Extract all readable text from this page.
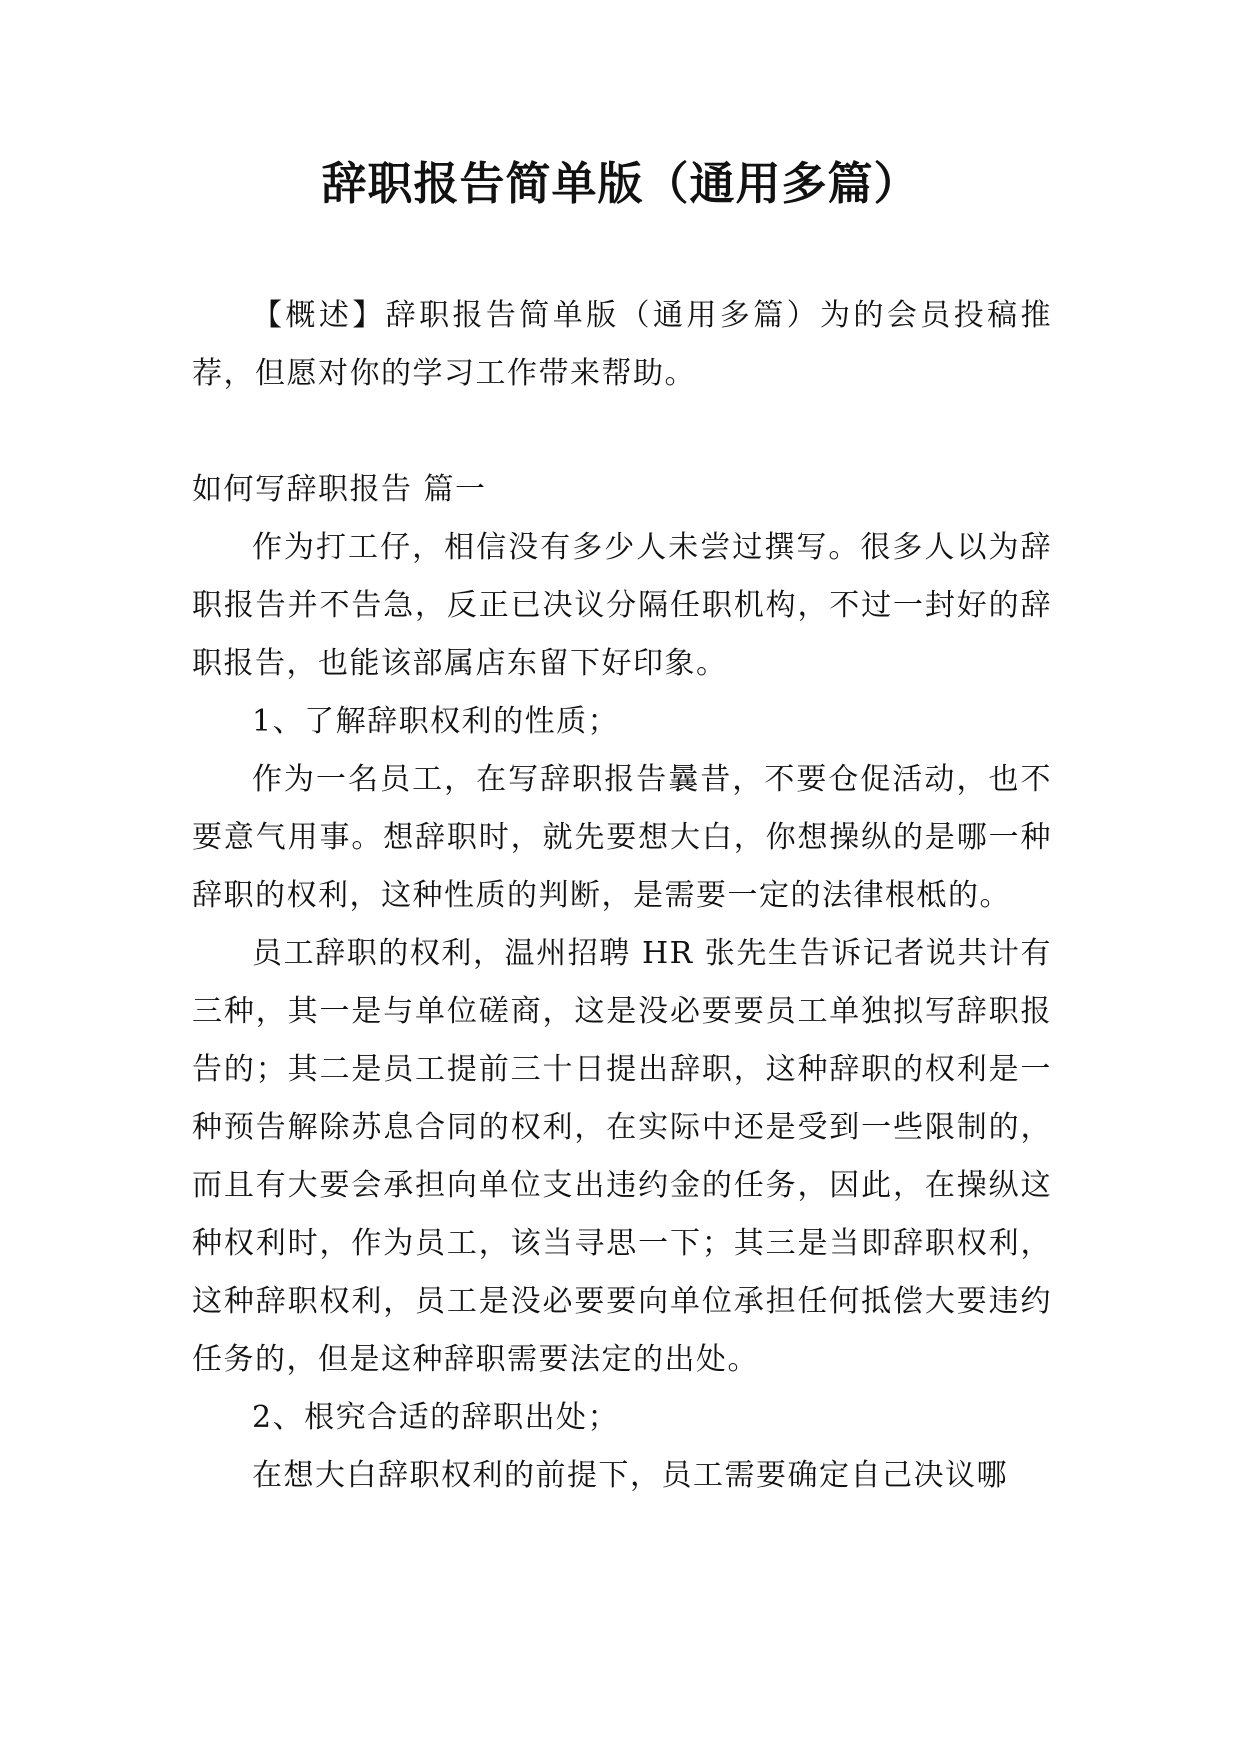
辞职报告简单版（通用多篇）

【概述】辞职报告简单版（通用多篇）为的会员投稿推荐，但愿对你的学习工作带来帮助。

如何写辞职报告 篇一

作为打工仔，相信没有多少人未尝过撰写。很多人以为辞职报告并不告急，反正已决议分隔任职机构，不过一封好的辞职报告，也能该部属店东留下好印象。

1、了解辞职权利的性质；

作为一名员工，在写辞职报告曩昔，不要仓促活动，也不要意气用事。想辞职时，就先要想大白，你想操纵的是哪一种辞职的权利，这种性质的判断，是需要一定的法律根柢的。

员工辞职的权利，温州招聘 HR 张先生告诉记者说共计有三种，其一是与单位磋商，这是没必要要员工单独拟写辞职报告的；其二是员工提前三十日提出辞职，这种辞职的权利是一种预告解除苏息合同的权利，在实际中还是受到一些限制的，而且有大要会承担向单位支出违约金的任务，因此，在操纵这种权利时，作为员工，该当寻思一下；其三是当即辞职权利，这种辞职权利，员工是没必要要向单位承担任何抵偿大要违约任务的，但是这种辞职需要法定的出处。

2、根究合适的辞职出处；

在想大白辞职权利的前提下，员工需要确定自己决议哪
